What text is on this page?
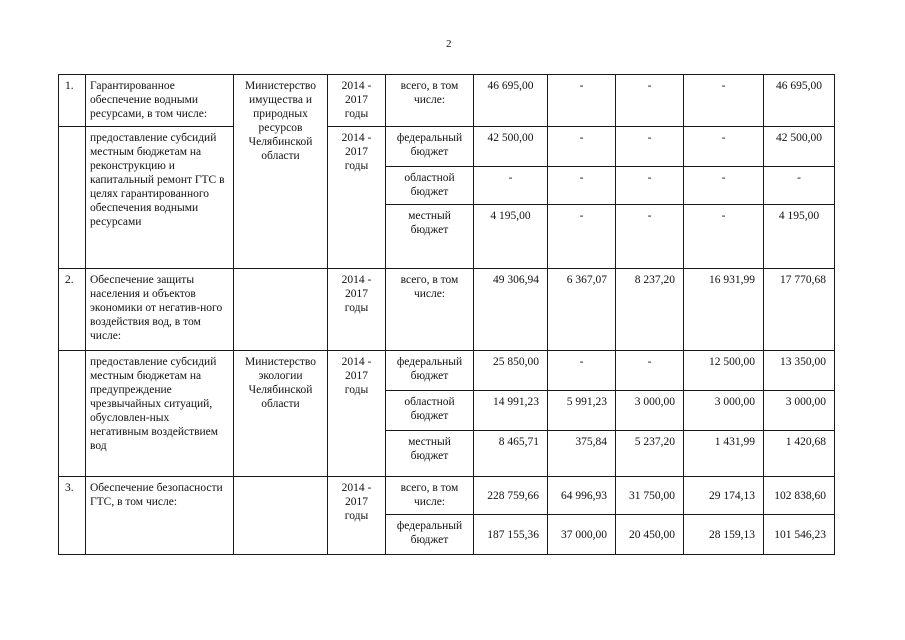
2
1.	Гарантированное обеспечение водными ресурсами, в том числе:	Министерство имущества и природных ресурсов Челябинской области	2014 - 2017 годы	всего, в том числе:	46 695,00	-	-	-	46 695,00
	предоставление субсидий местным бюджетам на реконструкцию и капитальный ремонт ГТС в целях гарантированного обеспечения водными ресурсами		2014 - 2017 годы	федеральный бюджет	42 500,00	-	-	-	42 500,00
				областной бюджет	-	-	-	-	-
				местный бюджет	4 195,00	-	-	-	4 195,00
2.	Обеспечение защиты населения и объектов экономики от негатив-ного воздействия вод, в том числе:		2014 - 2017 годы	всего, в том числе:	49 306,94	6 367,07	8 237,20	16 931,99	17 770,68
	предоставление субсидий местным бюджетам на предупреждение чрезвычайных ситуаций, обусловлен-ных негативным воздействием вод	Министерство экологии Челябинской области	2014 - 2017 годы	федеральный бюджет	25 850,00	-	-	12 500,00	13 350,00
				областной бюджет	14 991,23	5 991,23	3 000,00	3 000,00	3 000,00
				местный бюджет	8 465,71	375,84	5 237,20	1 431,99	1 420,68
3.	Обеспечение безопасности ГТС, в том числе:		2014 - 2017 годы	всего, в том числе:	228 759,66	64 996,93	31 750,00	29 174,13	102 838,60
				федеральный бюджет	187 155,36	37 000,00	20 450,00	28 159,13	101 546,23
